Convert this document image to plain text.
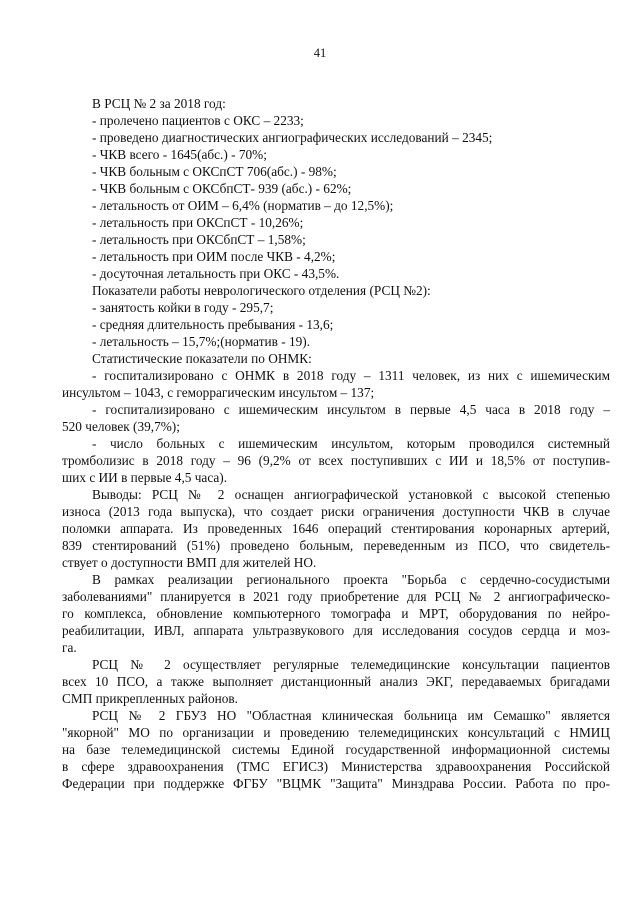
41
В РСЦ № 2 за 2018 год:
- пролечено пациентов с ОКС – 2233;
- проведено диагностических ангиографических исследований – 2345;
- ЧКВ всего - 1645(абс.) - 70%;
- ЧКВ больным с ОКСпСТ 706(абс.) - 98%;
- ЧКВ больным с ОКСбпСТ- 939 (абс.) - 62%;
- летальность от ОИМ – 6,4% (норматив – до 12,5%);
- летальность при ОКСпСТ - 10,26%;
- летальность при ОКСбпСТ – 1,58%;
- летальность при ОИМ после ЧКВ - 4,2%;
- досуточная летальность при ОКС - 43,5%.
Показатели работы неврологического отделения (РСЦ №2):
- занятость койки в году - 295,7;
- средняя длительность пребывания - 13,6;
- летальность – 15,7%;(норматив - 19).
Статистические показатели по ОНМК:
- госпитализировано с ОНМК в 2018 году – 1311 человек, из них с ишемическим
инсультом – 1043, с геморрагическим инсультом – 137;
- госпитализировано с ишемическим инсультом в первые 4,5 часа в 2018 году –
520 человек (39,7%);
- число больных с ишемическим инсультом, которым проводился системный
тромболизис в 2018 году – 96 (9,2% от всех поступивших с ИИ и 18,5% от поступив-
ших с ИИ в первые 4,5 часа).
Выводы: РСЦ № 2 оснащен ангиографической установкой с высокой степенью
износа (2013 года выпуска), что создает риски ограничения доступности ЧКВ в случае
поломки аппарата. Из проведенных 1646 операций стентирования коронарных артерий,
839 стентирований (51%) проведено больным, переведенным из ПСО, что свидетель-
ствует о доступности ВМП для жителей НО.
В рамках реализации регионального проекта "Борьба с сердечно-сосудистыми
заболеваниями" планируется в 2021 году приобретение для РСЦ № 2 ангиографическо-
го комплекса, обновление компьютерного томографа и МРТ, оборудования по нейро-
реабилитации, ИВЛ, аппарата ультразвукового для исследования сосудов сердца и моз-
га.
РСЦ № 2 осуществляет регулярные телемедицинские консультации пациентов
всех 10 ПСО, а также выполняет дистанционный анализ ЭКГ, передаваемых бригадами
СМП прикрепленных районов.
РСЦ № 2 ГБУЗ НО "Областная клиническая больница им Семашко" является
"якорной" МО по организации и проведению телемедицинских консультаций с НМИЦ
на базе телемедицинской системы Единой государственной информационной системы
в сфере здравоохранения (ТМС ЕГИСЗ) Министерства здравоохранения Российской
Федерации при поддержке ФГБУ "ВЦМК "Защита" Минздрава России. Работа по про-
